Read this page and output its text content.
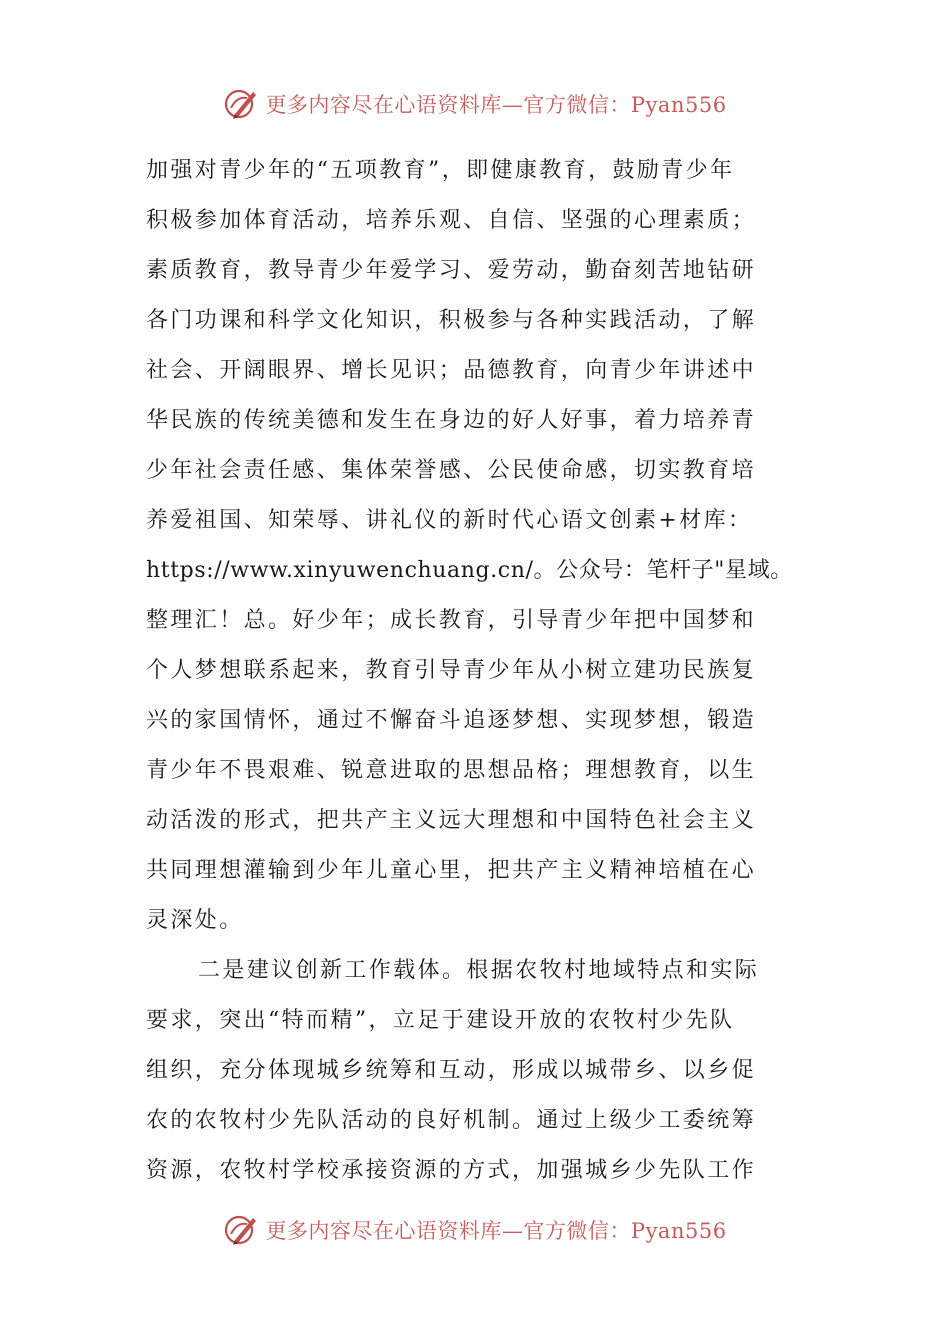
更多内容尽在心语资料库—官方微信：Pyan556
加强对青少年的“五项教育”，即健康教育，鼓励青少年
积极参加体育活动，培养乐观、自信、坚强的心理素质；
素质教育，教导青少年爱学习、爱劳动，勤奋刻苦地钻研
各门功课和科学文化知识，积极参与各种实践活动，了解
社会、开阔眼界、增长见识；品德教育，向青少年讲述中
华民族的传统美德和发生在身边的好人好事，着力培养青
少年社会责任感、集体荣誉感、公民使命感，切实教育培
养爱祖国、知荣辱、讲礼仪的新时代心语文创素+材库：
https://www.xinyuwenchuang.cn/。公众号：笔杆子"星域。
整理汇！总。好少年；成长教育，引导青少年把中国梦和
个人梦想联系起来，教育引导青少年从小树立建功民族复
兴的家国情怀，通过不懈奋斗追逐梦想、实现梦想，锻造
青少年不畏艰难、锐意进取的思想品格；理想教育，以生
动活泼的形式，把共产主义远大理想和中国特色社会主义
共同理想灌输到少年儿童心里，把共产主义精神培植在心
灵深处。
二是建议创新工作载体。根据农牧村地域特点和实际
要求，突出“特而精”，立足于建设开放的农牧村少先队
组织，充分体现城乡统筹和互动，形成以城带乡、以乡促
农的农牧村少先队活动的良好机制。通过上级少工委统筹
资源，农牧村学校承接资源的方式，加强城乡少先队工作
更多内容尽在心语资料库—官方微信：Pyan556
